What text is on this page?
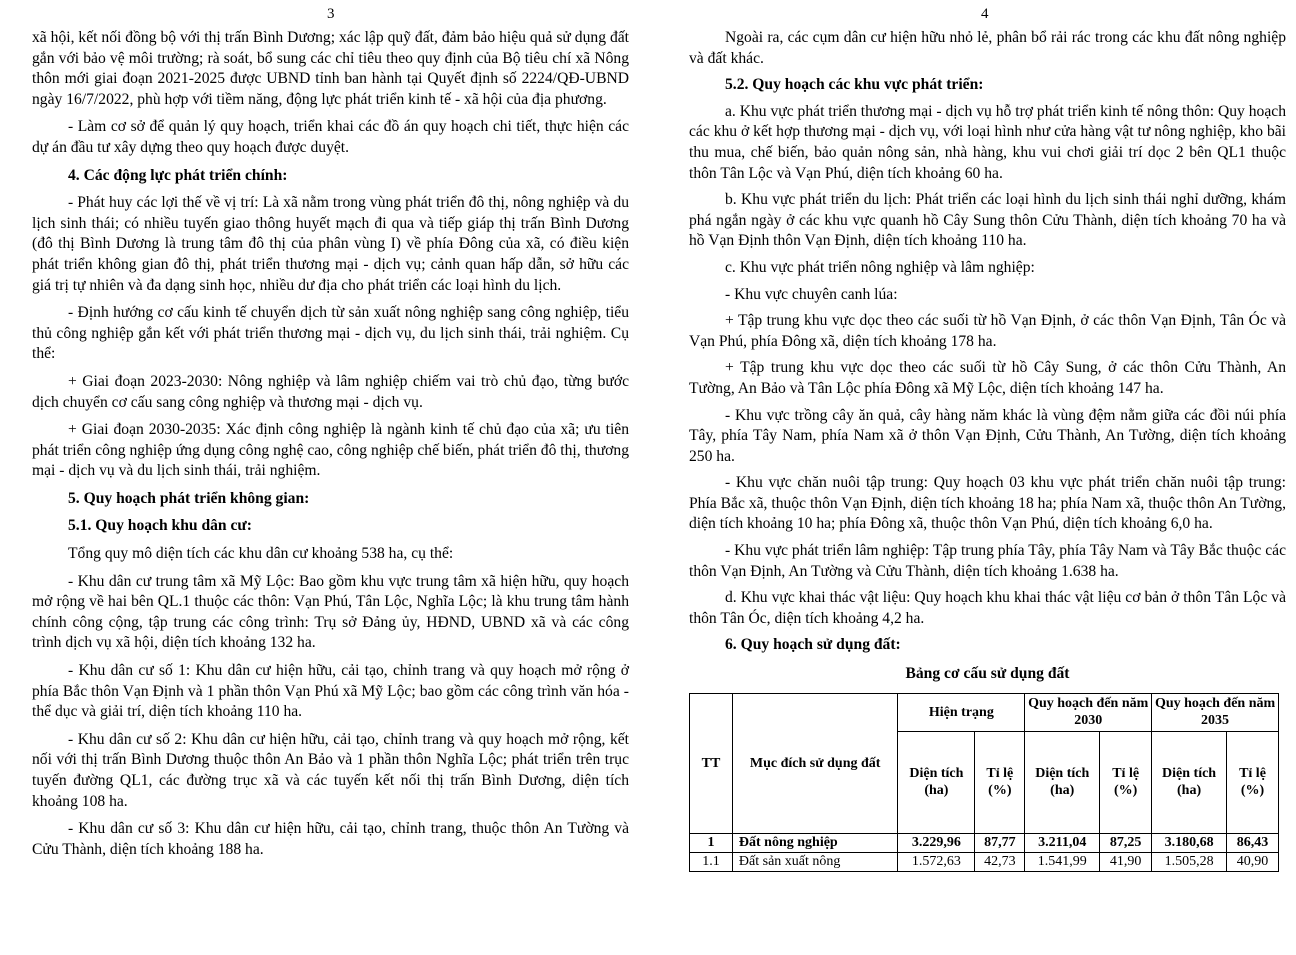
3

xã hội, kết nối đồng bộ với thị trấn Bình Dương; xác lập quỹ đất, đảm bảo hiệu quả sử dụng đất gắn với bảo vệ môi trường; rà soát, bổ sung các chỉ tiêu theo quy định của Bộ tiêu chí xã Nông thôn mới giai đoạn 2021-2025 được UBND tỉnh ban hành tại Quyết định số 2224/QĐ-UBND ngày 16/7/2022, phù hợp với tiềm năng, động lực phát triển kinh tế - xã hội của địa phương.

- Làm cơ sở để quản lý quy hoạch, triển khai các đồ án quy hoạch chi tiết, thực hiện các dự án đầu tư xây dựng theo quy hoạch được duyệt.

4. Các động lực phát triển chính:

- Phát huy các lợi thế về vị trí: Là xã nằm trong vùng phát triển đô thị, nông nghiệp và du lịch sinh thái; có nhiều tuyến giao thông huyết mạch đi qua và tiếp giáp thị trấn Bình Dương (đô thị Bình Dương là trung tâm đô thị của phân vùng I) về phía Đông của xã, có điều kiện phát triển không gian đô thị, phát triển thương mại - dịch vụ; cảnh quan hấp dẫn, sở hữu các giá trị tự nhiên và đa dạng sinh học, nhiều dư địa cho phát triển các loại hình du lịch.

- Định hướng cơ cấu kinh tế chuyển dịch từ sản xuất nông nghiệp sang công nghiệp, tiểu thủ công nghiệp gắn kết với phát triển thương mại - dịch vụ, du lịch sinh thái, trải nghiệm. Cụ thể:

+ Giai đoạn 2023-2030: Nông nghiệp và lâm nghiệp chiếm vai trò chủ đạo, từng bước dịch chuyển cơ cấu sang công nghiệp và thương mại - dịch vụ.

+ Giai đoạn 2030-2035: Xác định công nghiệp là ngành kinh tế chủ đạo của xã; ưu tiên phát triển công nghiệp ứng dụng công nghệ cao, công nghiệp chế biến, phát triển đô thị, thương mại - dịch vụ và du lịch sinh thái, trải nghiệm.

5. Quy hoạch phát triển không gian:

5.1. Quy hoạch khu dân cư:

Tổng quy mô diện tích các khu dân cư khoảng 538 ha, cụ thể:

- Khu dân cư trung tâm xã Mỹ Lộc: Bao gồm khu vực trung tâm xã hiện hữu, quy hoạch mở rộng về hai bên QL.1 thuộc các thôn: Vạn Phú, Tân Lộc, Nghĩa Lộc; là khu trung tâm hành chính công cộng, tập trung các công trình: Trụ sở Đảng ủy, HĐND, UBND xã và các công trình dịch vụ xã hội, diện tích khoảng 132 ha.

- Khu dân cư số 1: Khu dân cư hiện hữu, cải tạo, chỉnh trang và quy hoạch mở rộng ở phía Bắc thôn Vạn Định và 1 phần thôn Vạn Phú xã Mỹ Lộc; bao gồm các công trình văn hóa - thể dục và giải trí, diện tích khoảng 110 ha.

- Khu dân cư số 2: Khu dân cư hiện hữu, cải tạo, chỉnh trang và quy hoạch mở rộng, kết nối với thị trấn Bình Dương thuộc thôn An Bảo và 1 phần thôn Nghĩa Lộc; phát triển trên trục tuyến đường QL1, các đường trục xã và các tuyến kết nối thị trấn Bình Dương, diện tích khoảng 108 ha.

- Khu dân cư số 3: Khu dân cư hiện hữu, cải tạo, chỉnh trang, thuộc thôn An Tường và Cửu Thành, diện tích khoảng 188 ha.

4

Ngoài ra, các cụm dân cư hiện hữu nhỏ lẻ, phân bổ rải rác trong các khu đất nông nghiệp và đất khác.

5.2. Quy hoạch các khu vực phát triển:

a. Khu vực phát triển thương mại - dịch vụ hỗ trợ phát triển kinh tế nông thôn: Quy hoạch các khu ở kết hợp thương mại - dịch vụ, với loại hình như cửa hàng vật tư nông nghiệp, kho bãi thu mua, chế biến, bảo quản nông sản, nhà hàng, khu vui chơi giải trí dọc 2 bên QL1 thuộc thôn Tân Lộc và Vạn Phú, diện tích khoảng 60 ha.

b. Khu vực phát triển du lịch: Phát triển các loại hình du lịch sinh thái nghỉ dưỡng, khám phá ngắn ngày ở các khu vực quanh hồ Cây Sung thôn Cửu Thành, diện tích khoảng 70 ha và hồ Vạn Định thôn Vạn Định, diện tích khoảng 110 ha.

c. Khu vực phát triển nông nghiệp và lâm nghiệp:

- Khu vực chuyên canh lúa:

+ Tập trung khu vực dọc theo các suối từ hồ Vạn Định, ở các thôn Vạn Định, Tân Óc và Vạn Phú, phía Đông xã, diện tích khoảng 178 ha.

+ Tập trung khu vực dọc theo các suối từ hồ Cây Sung, ở các thôn Cửu Thành, An Tường, An Bảo và Tân Lộc phía Đông xã Mỹ Lộc, diện tích khoảng 147 ha.

- Khu vực trồng cây ăn quả, cây hàng năm khác là vùng đệm nằm giữa các đồi núi phía Tây, phía Tây Nam, phía Nam xã ở thôn Vạn Định, Cửu Thành, An Tường, diện tích khoảng 250 ha.

- Khu vực chăn nuôi tập trung: Quy hoạch 03 khu vực phát triển chăn nuôi tập trung: Phía Bắc xã, thuộc thôn Vạn Định, diện tích khoảng 18 ha; phía Nam xã, thuộc thôn An Tường, diện tích khoảng 10 ha; phía Đông xã, thuộc thôn Vạn Phú, diện tích khoảng 6,0 ha.

- Khu vực phát triển lâm nghiệp: Tập trung phía Tây, phía Tây Nam và Tây Bắc thuộc các thôn Vạn Định, An Tường và Cửu Thành, diện tích khoảng 1.638 ha.

d. Khu vực khai thác vật liệu: Quy hoạch khu khai thác vật liệu cơ bản ở thôn Tân Lộc và thôn Tân Óc, diện tích khoảng 4,2 ha.

6. Quy hoạch sử dụng đất:

Bảng cơ cấu sử dụng đất
TT	Mục đích sử dụng đất	Hiện trạng		Quy hoạch đến năm 2030		Quy hoạch đến năm 2035	
		Diện tích (ha)	Tỉ lệ (%)	Diện tích (ha)	Tỉ lệ (%)	Diện tích (ha)	Tỉ lệ (%)
1	Đất nông nghiệp	3.229,96	87,77	3.211,04	87,25	3.180,68	86,43
1.1	Đất sản xuất nông	1.572,63	42,73	1.541,99	41,90	1.505,28	40,90
